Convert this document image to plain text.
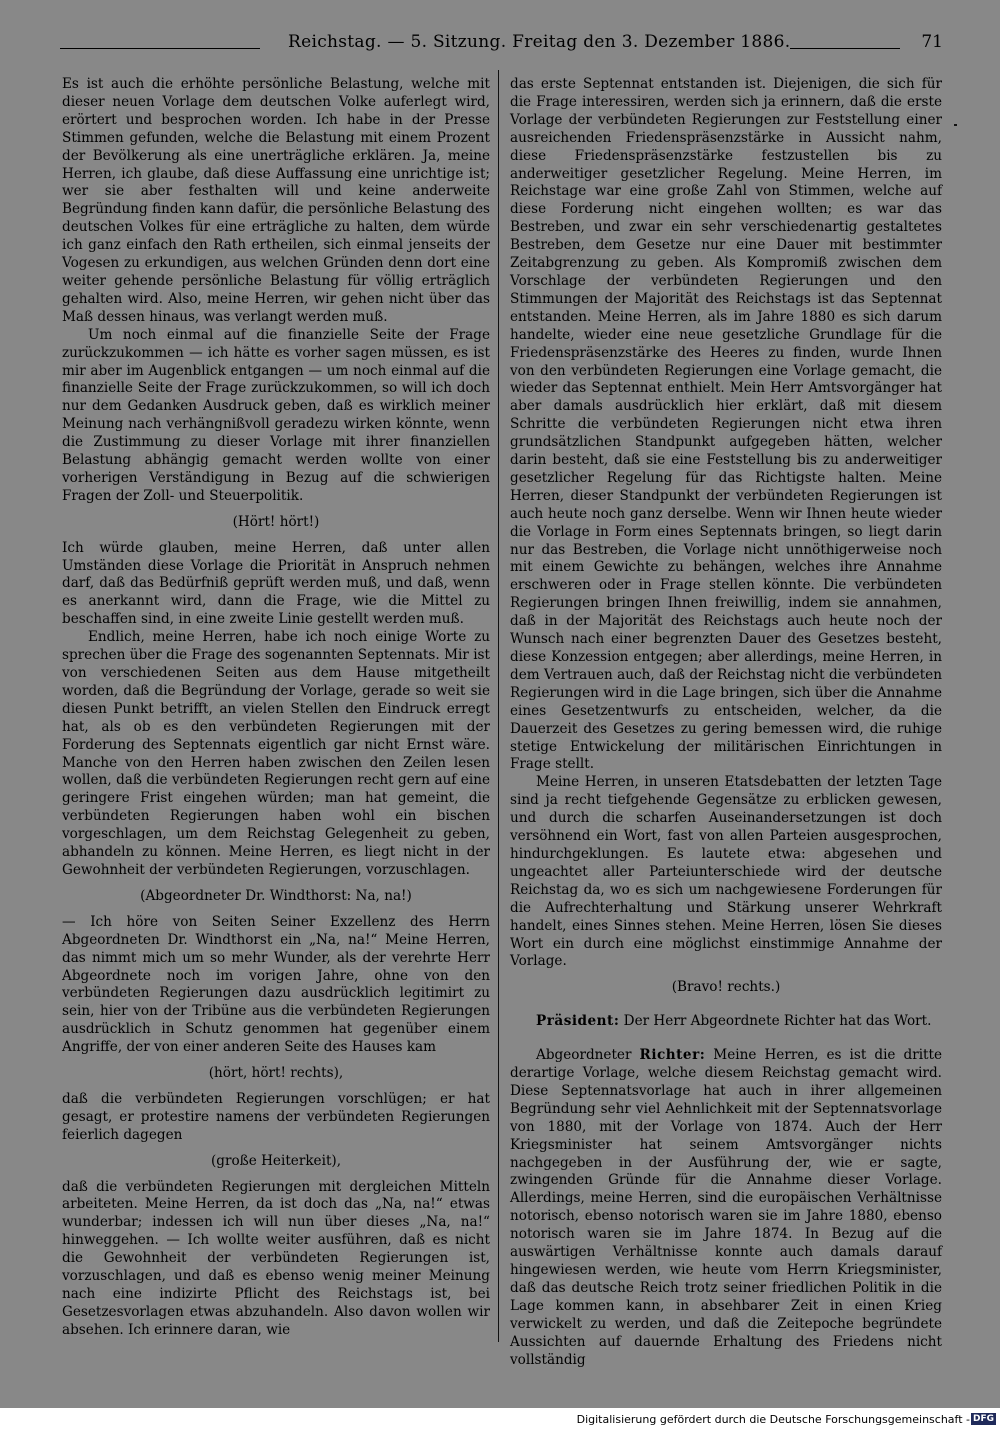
Reichstag. — 5. Sitzung. Freitag den 3. Dezember 1886.	71

Es ist auch die erhöhte persönliche Belastung, welche mit dieser neuen Vorlage dem deutschen Volke auferlegt wird, erörtert und besprochen worden. Ich habe in der Presse Stimmen gefunden, welche die Belastung mit einem Prozent der Bevölkerung als eine unerträgliche erklären. Ja, meine Herren, ich glaube, daß diese Auffassung eine unrichtige ist; wer sie aber festhalten will und keine anderweite Begründung finden kann dafür, die persönliche Belastung des deutschen Volkes für eine erträgliche zu halten, dem würde ich ganz einfach den Rath ertheilen, sich einmal jenseits der Vogesen zu erkundigen, aus welchen Gründen denn dort eine weiter gehende persönliche Belastung für völlig erträglich gehalten wird. Also, meine Herren, wir gehen nicht über das Maß dessen hinaus, was verlangt werden muß.

Um noch einmal auf die finanzielle Seite der Frage zurückzukommen — ich hätte es vorher sagen müssen, es ist mir aber im Augenblick entgangen — um noch einmal auf die finanzielle Seite der Frage zurückzukommen, so will ich doch nur dem Gedanken Ausdruck geben, daß es wirklich meiner Meinung nach verhängnißvoll geradezu wirken könnte, wenn die Zustimmung zu dieser Vorlage mit ihrer finanziellen Belastung abhängig gemacht werden wollte von einer vorherigen Verständigung in Bezug auf die schwierigen Fragen der Zoll- und Steuerpolitik.

(Hört! hört!)

Ich würde glauben, meine Herren, daß unter allen Umständen diese Vorlage die Priorität in Anspruch nehmen darf, daß das Bedürfniß geprüft werden muß, und daß, wenn es anerkannt wird, dann die Frage, wie die Mittel zu beschaffen sind, in eine zweite Linie gestellt werden muß.

Endlich, meine Herren, habe ich noch einige Worte zu sprechen über die Frage des sogenannten Septennats. Mir ist von verschiedenen Seiten aus dem Hause mitgetheilt worden, daß die Begründung der Vorlage, gerade so weit sie diesen Punkt betrifft, an vielen Stellen den Eindruck erregt hat, als ob es den verbündeten Regierungen mit der Forderung des Septennats eigentlich gar nicht Ernst wäre. Manche von den Herren haben zwischen den Zeilen lesen wollen, daß die verbündeten Regierungen recht gern auf eine geringere Frist eingehen würden; man hat gemeint, die verbündeten Regierungen haben wohl ein bischen vorgeschlagen, um dem Reichstag Gelegenheit zu geben, abhandeln zu können. Meine Herren, es liegt nicht in der Gewohnheit der verbündeten Regierungen, vorzuschlagen.

(Abgeordneter Dr. Windthorst: Na, na!)

— Ich höre von Seiten Seiner Exzellenz des Herrn Abgeordneten Dr. Windthorst ein „Na, na!“ Meine Herren, das nimmt mich um so mehr Wunder, als der verehrte Herr Abgeordnete noch im vorigen Jahre, ohne von den verbündeten Regierungen dazu ausdrücklich legitimirt zu sein, hier von der Tribüne aus die verbündeten Regierungen ausdrücklich in Schutz genommen hat gegenüber einem Angriffe, der von einer anderen Seite des Hauses kam

(hört, hört! rechts),

daß die verbündeten Regierungen vorschlügen; er hat gesagt, er protestire namens der verbündeten Regierungen feierlich dagegen

(große Heiterkeit),

daß die verbündeten Regierungen mit dergleichen Mitteln arbeiteten. Meine Herren, da ist doch das „Na, na!“ etwas wunderbar; indessen ich will nun über dieses „Na, na!“ hinweggehen. — Ich wollte weiter ausführen, daß es nicht die Gewohnheit der verbündeten Regierungen ist, vorzuschlagen, und daß es ebenso wenig meiner Meinung nach eine indizirte Pflicht des Reichstags ist, bei Gesetzesvorlagen etwas abzuhandeln. Also davon wollen wir absehen. Ich erinnere daran, wie

das erste Septennat entstanden ist. Diejenigen, die sich für die Frage interessiren, werden sich ja erinnern, daß die erste Vorlage der verbündeten Regierungen zur Feststellung einer ausreichenden Friedenspräsenzstärke in Aussicht nahm, diese Friedenspräsenzstärke festzustellen bis zu anderweitiger gesetzlicher Regelung. Meine Herren, im Reichstage war eine große Zahl von Stimmen, welche auf diese Forderung nicht eingehen wollten; es war das Bestreben, und zwar ein sehr verschiedenartig gestaltetes Bestreben, dem Gesetze nur eine Dauer mit bestimmter Zeitabgrenzung zu geben. Als Kompromiß zwischen dem Vorschlage der verbündeten Regierungen und den Stimmungen der Majorität des Reichstags ist das Septennat entstanden. Meine Herren, als im Jahre 1880 es sich darum handelte, wieder eine neue gesetzliche Grundlage für die Friedenspräsenzstärke des Heeres zu finden, wurde Ihnen von den verbündeten Regierungen eine Vorlage gemacht, die wieder das Septennat enthielt. Mein Herr Amtsvorgänger hat aber damals ausdrücklich hier erklärt, daß mit diesem Schritte die verbündeten Regierungen nicht etwa ihren grundsätzlichen Standpunkt aufgegeben hätten, welcher darin besteht, daß sie eine Feststellung bis zu anderweitiger gesetzlicher Regelung für das Richtigste halten. Meine Herren, dieser Standpunkt der verbündeten Regierungen ist auch heute noch ganz derselbe. Wenn wir Ihnen heute wieder die Vorlage in Form eines Septennats bringen, so liegt darin nur das Bestreben, die Vorlage nicht unnöthigerweise noch mit einem Gewichte zu behängen, welches ihre Annahme erschweren oder in Frage stellen könnte. Die verbündeten Regierungen bringen Ihnen freiwillig, indem sie annahmen, daß in der Majorität des Reichstags auch heute noch der Wunsch nach einer begrenzten Dauer des Gesetzes besteht, diese Konzession entgegen; aber allerdings, meine Herren, in dem Vertrauen auch, daß der Reichstag nicht die verbündeten Regierungen wird in die Lage bringen, sich über die Annahme eines Gesetzentwurfs zu entscheiden, welcher, da die Dauerzeit des Gesetzes zu gering bemessen wird, die ruhige stetige Entwickelung der militärischen Einrichtungen in Frage stellt.

Meine Herren, in unseren Etatsdebatten der letzten Tage sind ja recht tiefgehende Gegensätze zu erblicken gewesen, und durch die scharfen Auseinandersetzungen ist doch versöhnend ein Wort, fast von allen Parteien ausgesprochen, hindurchgeklungen. Es lautete etwa: abgesehen und ungeachtet aller Parteiunterschiede wird der deutsche Reichstag da, wo es sich um nachgewiesene Forderungen für die Aufrechterhaltung und Stärkung unserer Wehrkraft handelt, eines Sinnes stehen. Meine Herren, lösen Sie dieses Wort ein durch eine möglichst einstimmige Annahme der Vorlage.

(Bravo! rechts.)

Präsident: Der Herr Abgeordnete Richter hat das Wort.

Abgeordneter Richter: Meine Herren, es ist die dritte derartige Vorlage, welche diesem Reichstag gemacht wird. Diese Septennatsvorlage hat auch in ihrer allgemeinen Begründung sehr viel Aehnlichkeit mit der Septennatsvorlage von 1880, mit der Vorlage von 1874. Auch der Herr Kriegsminister hat seinem Amtsvorgänger nichts nachgegeben in der Ausführung der, wie er sagte, zwingenden Gründe für die Annahme dieser Vorlage. Allerdings, meine Herren, sind die europäischen Verhältnisse notorisch, ebenso notorisch waren sie im Jahre 1880, ebenso notorisch waren sie im Jahre 1874. In Bezug auf die auswärtigen Verhältnisse konnte auch damals darauf hingewiesen werden, wie heute vom Herrn Kriegsminister, daß das deutsche Reich trotz seiner friedlichen Politik in die Lage kommen kann, in absehbarer Zeit in einen Krieg verwickelt zu werden, und daß die Zeitepoche begründete Aussichten auf dauernde Erhaltung des Friedens nicht vollständig

Digitalisierung gefördert durch die Deutsche Forschungsgemeinschaft - DFG
